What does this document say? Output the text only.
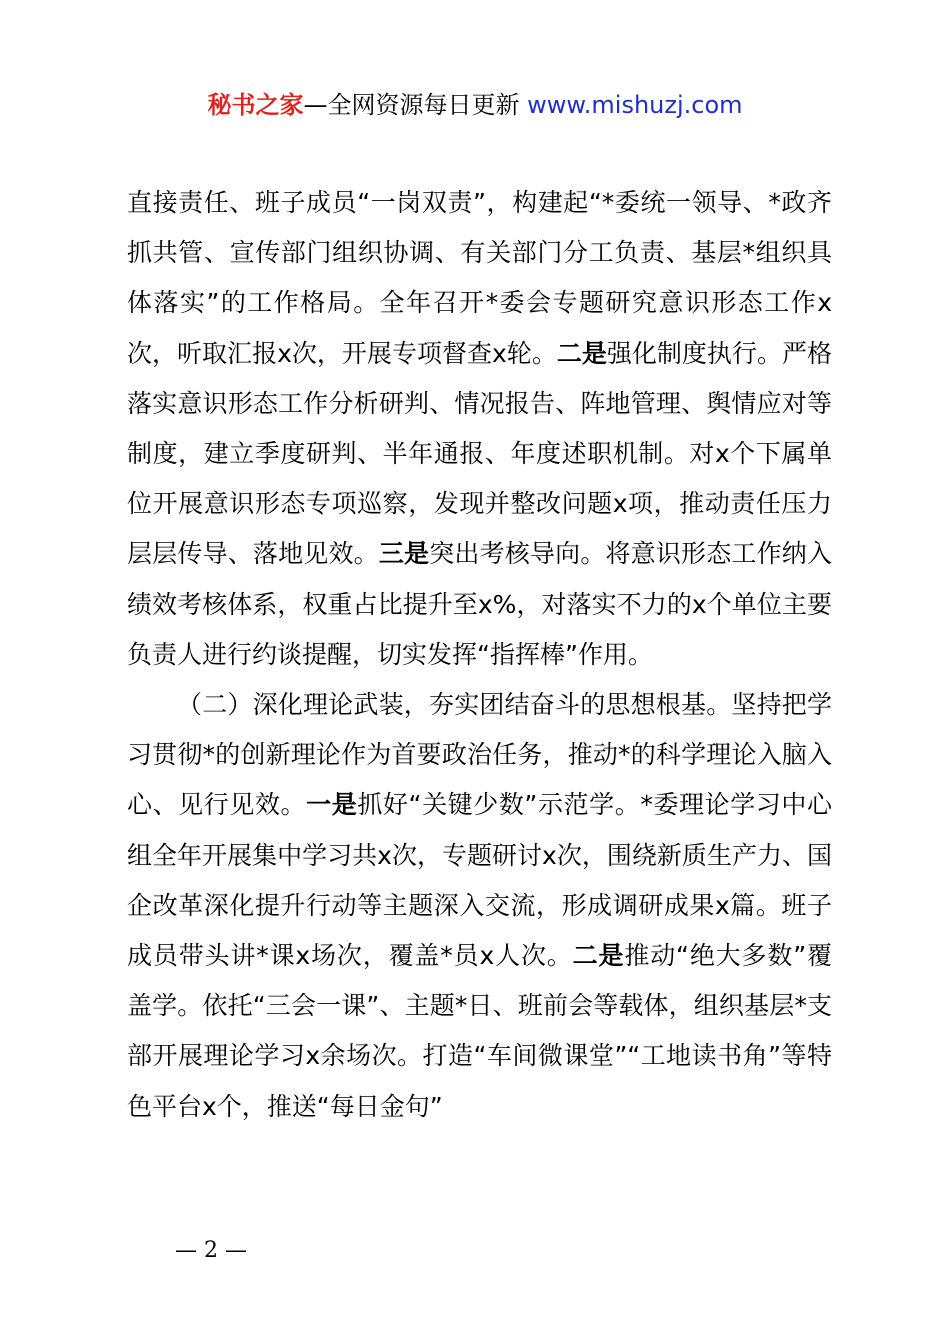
秘书之家—全网资源每日更新 www.mishuzj.com

直接责任、班子成员“一岗双责”，构建起“*委统一领导、*政齐抓共管、宣传部门组织协调、有关部门分工负责、基层*组织具体落实”的工作格局。全年召开*委会专题研究意识形态工作x次，听取汇报x次，开展专项督查x轮。二是强化制度执行。严格落实意识形态工作分析研判、情况报告、阵地管理、舆情应对等制度，建立季度研判、半年通报、年度述职机制。对x个下属单位开展意识形态专项巡察，发现并整改问题x项，推动责任压力层层传导、落地见效。三是突出考核导向。将意识形态工作纳入绩效考核体系，权重占比提升至x%，对落实不力的x个单位主要负责人进行约谈提醒，切实发挥“指挥棒”作用。

（二）深化理论武装，夯实团结奋斗的思想根基。坚持把学习贯彻*的创新理论作为首要政治任务，推动*的科学理论入脑入心、见行见效。一是抓好“关键少数”示范学。*委理论学习中心组全年开展集中学习共x次，专题研讨x次，围绕新质生产力、国企改革深化提升行动等主题深入交流，形成调研成果x篇。班子成员带头讲*课x场次，覆盖*员x人次。二是推动“绝大多数”覆盖学。依托“三会一课”、主题*日、班前会等载体，组织基层*支部开展理论学习x余场次。打造“车间微课堂”“工地读书角”等特色平台x个，推送“每日金句”

— 2 —
